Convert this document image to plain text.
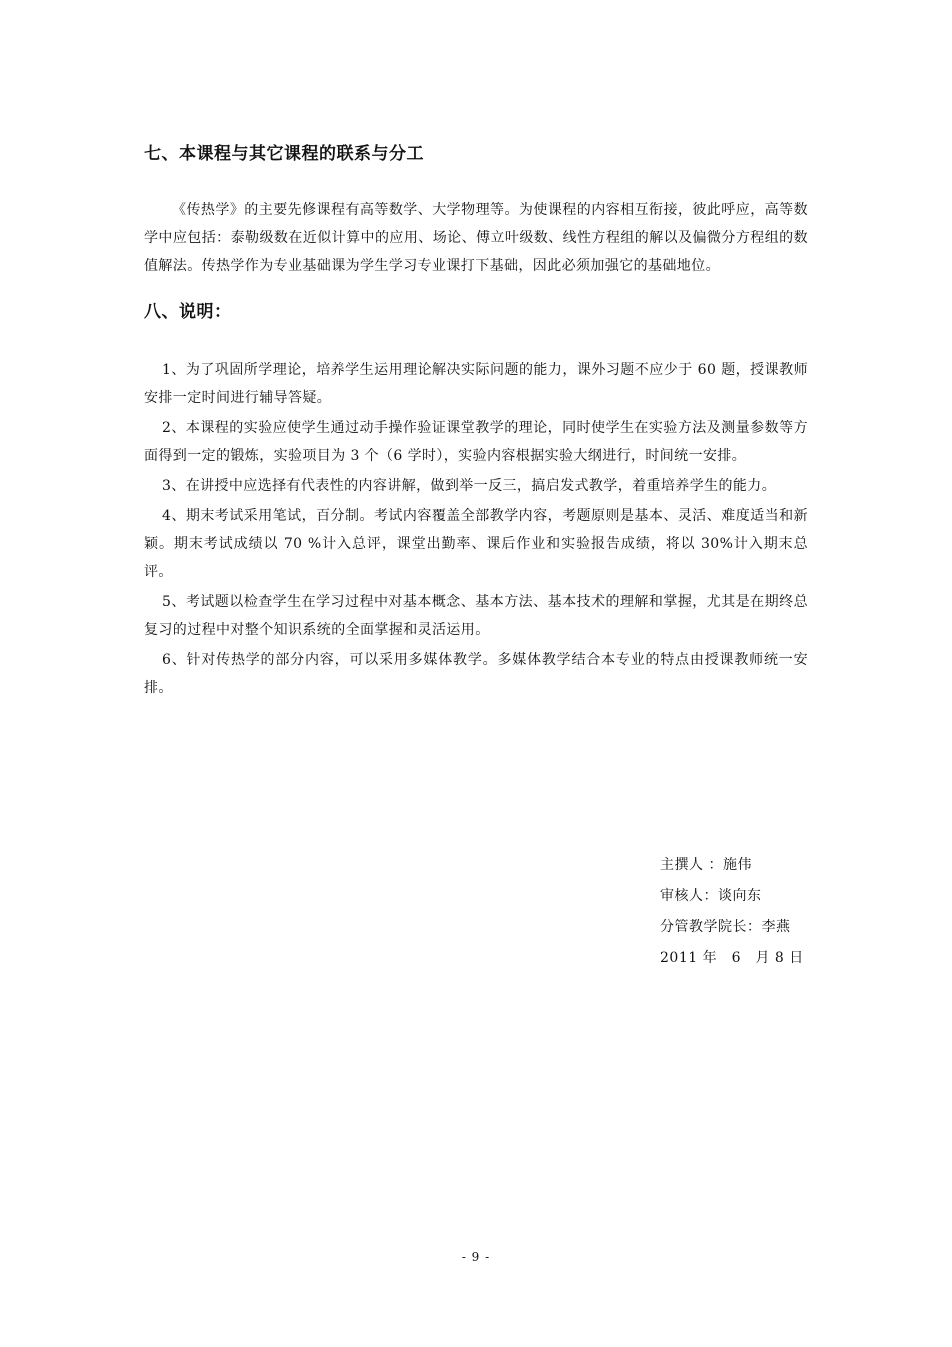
七、本课程与其它课程的联系与分工

《传热学》的主要先修课程有高等数学、大学物理等。为使课程的内容相互衔接，彼此呼应，高等数学中应包括：泰勒级数在近似计算中的应用、场论、傅立叶级数、线性方程组的解以及偏微分方程组的数值解法。传热学作为专业基础课为学生学习专业课打下基础，因此必须加强它的基础地位。

八、说明：

1、为了巩固所学理论，培养学生运用理论解决实际问题的能力，课外习题不应少于 60 题，授课教师安排一定时间进行辅导答疑。

2、本课程的实验应使学生通过动手操作验证课堂教学的理论，同时使学生在实验方法及测量参数等方面得到一定的锻炼，实验项目为 3 个（6 学时），实验内容根据实验大纲进行，时间统一安排。

3、在讲授中应选择有代表性的内容讲解，做到举一反三，搞启发式教学，着重培养学生的能力。

4、期末考试采用笔试，百分制。考试内容覆盖全部教学内容，考题原则是基本、灵活、难度适当和新颖。期末考试成绩以 70 %计入总评，课堂出勤率、课后作业和实验报告成绩，将以 30%计入期末总评。

5、考试题以检查学生在学习过程中对基本概念、基本方法、基本技术的理解和掌握，尤其是在期终总复习的过程中对整个知识系统的全面掌握和灵活运用。

6、针对传热学的部分内容，可以采用多媒体教学。多媒体教学结合本专业的特点由授课教师统一安排。

主撰人 ：施伟
审核人：谈向东
分管教学院长：李燕
2011 年　6　月 8 日
- 9 -
